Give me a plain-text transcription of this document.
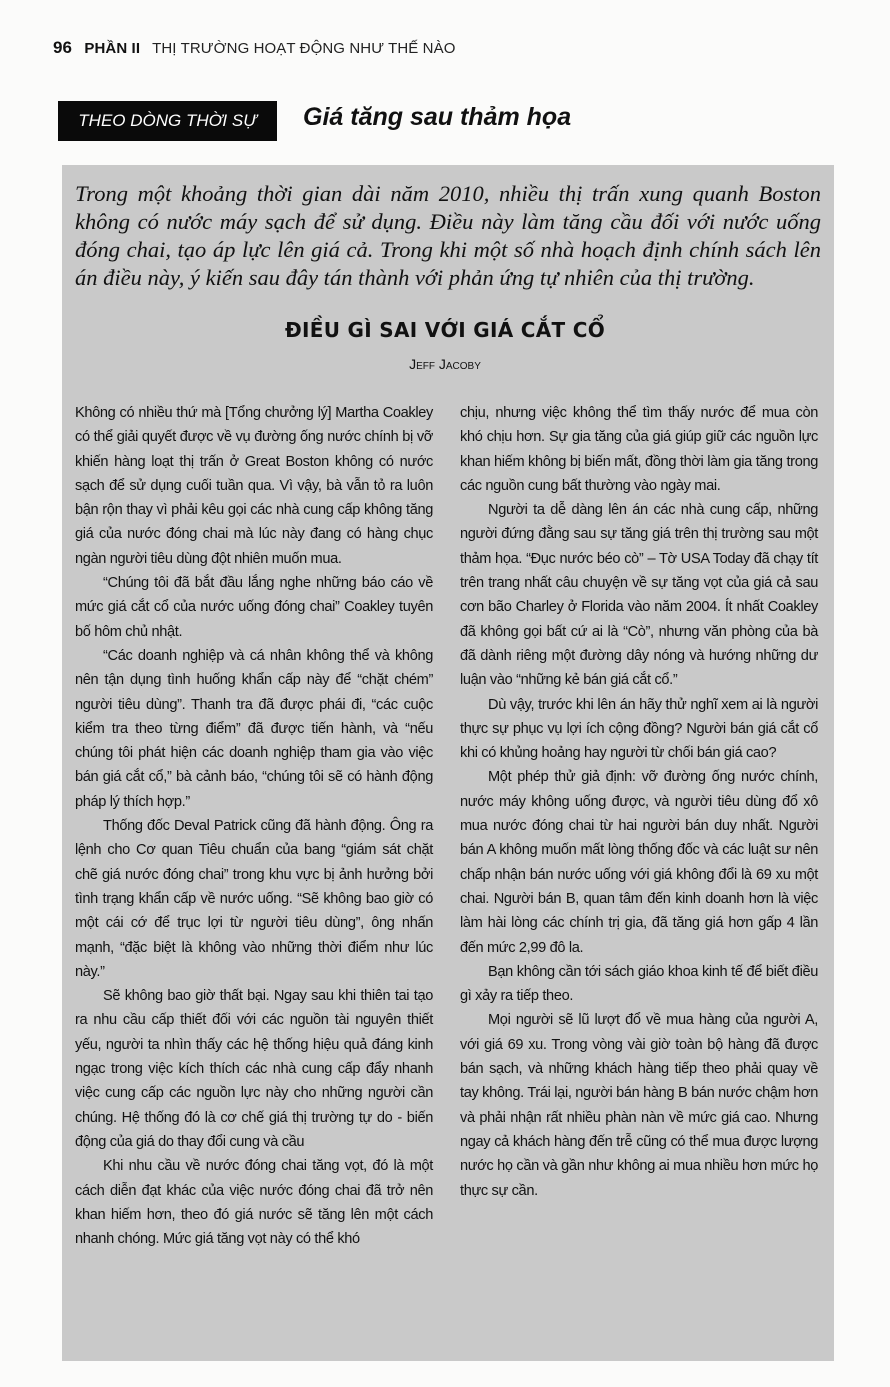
96 PHẦN II THỊ TRƯỜNG HOẠT ĐỘNG NHƯ THẾ NÀO
THEO DÒNG THỜI SỰ	Giá tăng sau thảm họa

Trong một khoảng thời gian dài năm 2010, nhiều thị trấn xung quanh Boston không có nước máy sạch để sử dụng. Điều này làm tăng cầu đối với nước uống đóng chai, tạo áp lực lên giá cả. Trong khi một số nhà hoạch định chính sách lên án điều này, ý kiến sau đây tán thành với phản ứng tự nhiên của thị trường.

ĐIỀU GÌ SAI VỚI GIÁ CẮT CỔ

Jeff Jacoby

Không có nhiều thứ mà [Tổng chưởng lý] Martha Coakley có thể giải quyết được về vụ đường ống nước chính bị vỡ khiến hàng loạt thị trấn ở Great Boston không có nước sạch để sử dụng cuối tuần qua. Vì vậy, bà vẫn tỏ ra luôn bận rộn thay vì phải kêu gọi các nhà cung cấp không tăng giá của nước đóng chai mà lúc này đang có hàng chục ngàn người tiêu dùng đột nhiên muốn mua.

“Chúng tôi đã bắt đầu lắng nghe những báo cáo về mức giá cắt cổ của nước uống đóng chai” Coakley tuyên bố hôm chủ nhật.

“Các doanh nghiệp và cá nhân không thể và không nên tận dụng tình huống khẩn cấp này để “chặt chém” người tiêu dùng”. Thanh tra đã được phái đi, “các cuộc kiểm tra theo từng điểm” đã được tiến hành, và “nếu chúng tôi phát hiện các doanh nghiệp tham gia vào việc bán giá cắt cổ,” bà cảnh báo, “chúng tôi sẽ có hành động pháp lý thích hợp.”

Thống đốc Deval Patrick cũng đã hành động. Ông ra lệnh cho Cơ quan Tiêu chuẩn của bang “giám sát chặt chẽ giá nước đóng chai” trong khu vực bị ảnh hưởng bởi tình trạng khẩn cấp về nước uống. “Sẽ không bao giờ có một cái cớ để trục lợi từ người tiêu dùng”, ông nhấn mạnh, “đặc biệt là không vào những thời điểm như lúc này.”

Sẽ không bao giờ thất bại. Ngay sau khi thiên tai tạo ra nhu cầu cấp thiết đối với các nguồn tài nguyên thiết yếu, người ta nhìn thấy các hệ thống hiệu quả đáng kinh ngạc trong việc kích thích các nhà cung cấp đẩy nhanh việc cung cấp các nguồn lực này cho những người cần chúng. Hệ thống đó là cơ chế giá thị trường tự do - biến động của giá do thay đổi cung và cầu

Khi nhu cầu về nước đóng chai tăng vọt, đó là một cách diễn đạt khác của việc nước đóng chai đã trở nên khan hiếm hơn, theo đó giá nước sẽ tăng lên một cách nhanh chóng. Mức giá tăng vọt này có thể khó

chịu, nhưng việc không thể tìm thấy nước để mua còn khó chịu hơn. Sự gia tăng của giá giúp giữ các nguồn lực khan hiếm không bị biến mất, đồng thời làm gia tăng trong các nguồn cung bất thường vào ngày mai.

Người ta dễ dàng lên án các nhà cung cấp, những người đứng đằng sau sự tăng giá trên thị trường sau một thảm họa. “Đục nước béo cò” – Tờ USA Today đã chạy tít trên trang nhất câu chuyện về sự tăng vọt của giá cả sau cơn bão Charley ở Florida vào năm 2004. Ít nhất Coakley đã không gọi bất cứ ai là “Cò”, nhưng văn phòng của bà đã dành riêng một đường dây nóng và hướng những dư luận vào “những kẻ bán giá cắt cổ.”

Dù vậy, trước khi lên án hãy thử nghĩ xem ai là người thực sự phục vụ lợi ích cộng đồng? Người bán giá cắt cổ khi có khủng hoảng hay người từ chối bán giá cao?

Một phép thử giả định: vỡ đường ống nước chính, nước máy không uống được, và người tiêu dùng đổ xô mua nước đóng chai từ hai người bán duy nhất. Người bán A không muốn mất lòng thống đốc và các luật sư nên chấp nhận bán nước uống với giá không đổi là 69 xu một chai. Người bán B, quan tâm đến kinh doanh hơn là việc làm hài lòng các chính trị gia, đã tăng giá hơn gấp 4 lần đến mức 2,99 đô la.

Bạn không cần tới sách giáo khoa kinh tế để biết điều gì xảy ra tiếp theo.

Mọi người sẽ lũ lượt đổ về mua hàng của người A, với giá 69 xu. Trong vòng vài giờ toàn bộ hàng đã được bán sạch, và những khách hàng tiếp theo phải quay về tay không. Trái lại, người bán hàng B bán nước chậm hơn và phải nhận rất nhiều phàn nàn về mức giá cao. Nhưng ngay cả khách hàng đến trễ cũng có thể mua được lượng nước họ cần và gần như không ai mua nhiều hơn mức họ thực sự cần.
